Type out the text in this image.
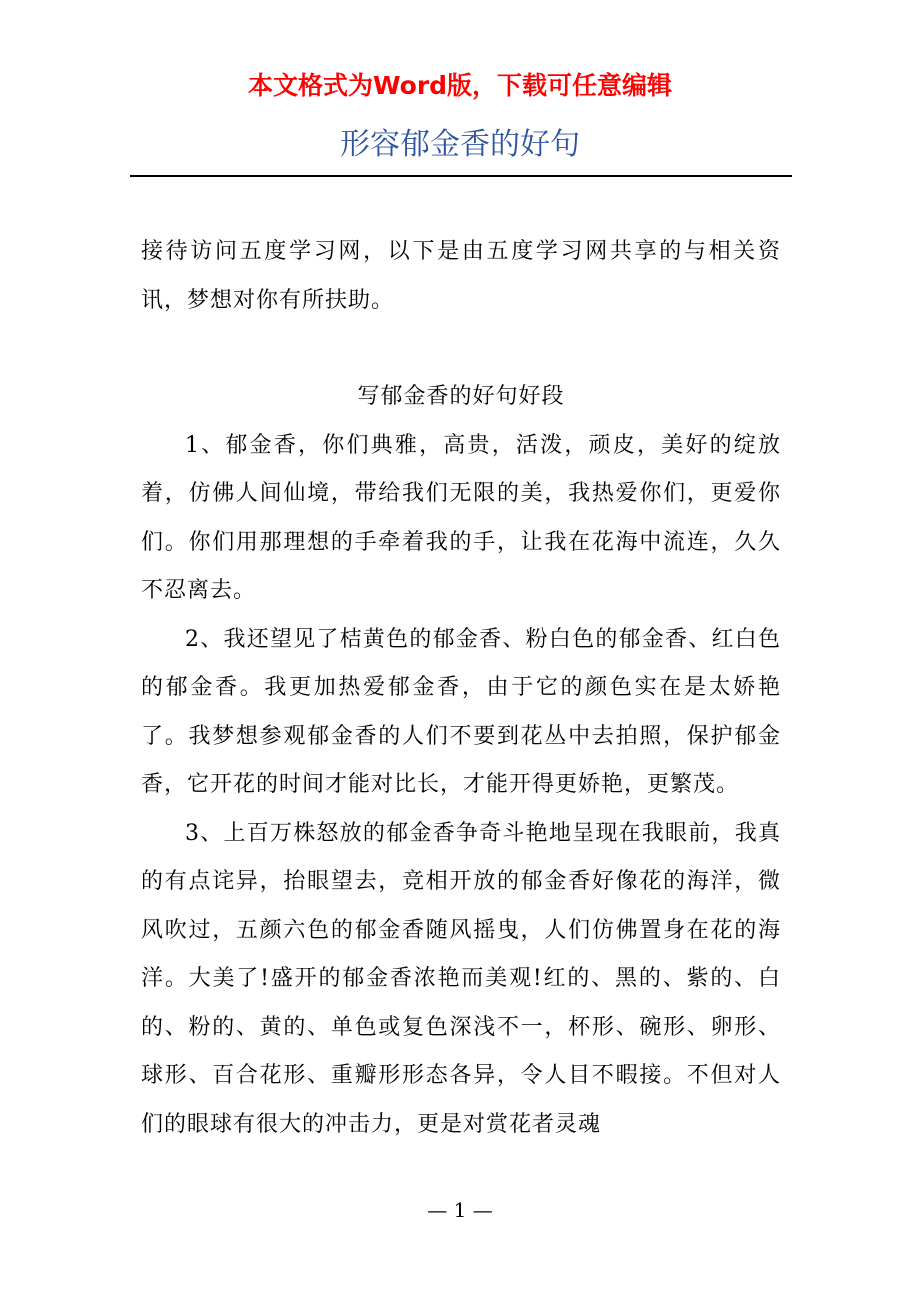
本文格式为Word版，下载可任意编辑
形容郁金香的好句

接待访问五度学习网，以下是由五度学习网共享的与相关资讯，梦想对你有所扶助。

写郁金香的好句好段

1、郁金香，你们典雅，高贵，活泼，顽皮，美好的绽放着，仿佛人间仙境，带给我们无限的美，我热爱你们，更爱你们。你们用那理想的手牵着我的手，让我在花海中流连，久久不忍离去。

2、我还望见了桔黄色的郁金香、粉白色的郁金香、红白色的郁金香。我更加热爱郁金香，由于它的颜色实在是太娇艳了。我梦想参观郁金香的人们不要到花丛中去拍照，保护郁金香，它开花的时间才能对比长，才能开得更娇艳，更繁茂。

3、上百万株怒放的郁金香争奇斗艳地呈现在我眼前，我真的有点诧异，抬眼望去，竞相开放的郁金香好像花的海洋，微风吹过，五颜六色的郁金香随风摇曳，人们仿佛置身在花的海洋。大美了!盛开的郁金香浓艳而美观!红的、黑的、紫的、白的、粉的、黄的、单色或复色深浅不一，杯形、碗形、卵形、球形、百合花形、重瓣形形态各异，令人目不暇接。不但对人们的眼球有很大的冲击力，更是对赏花者灵魂

— 1 —
